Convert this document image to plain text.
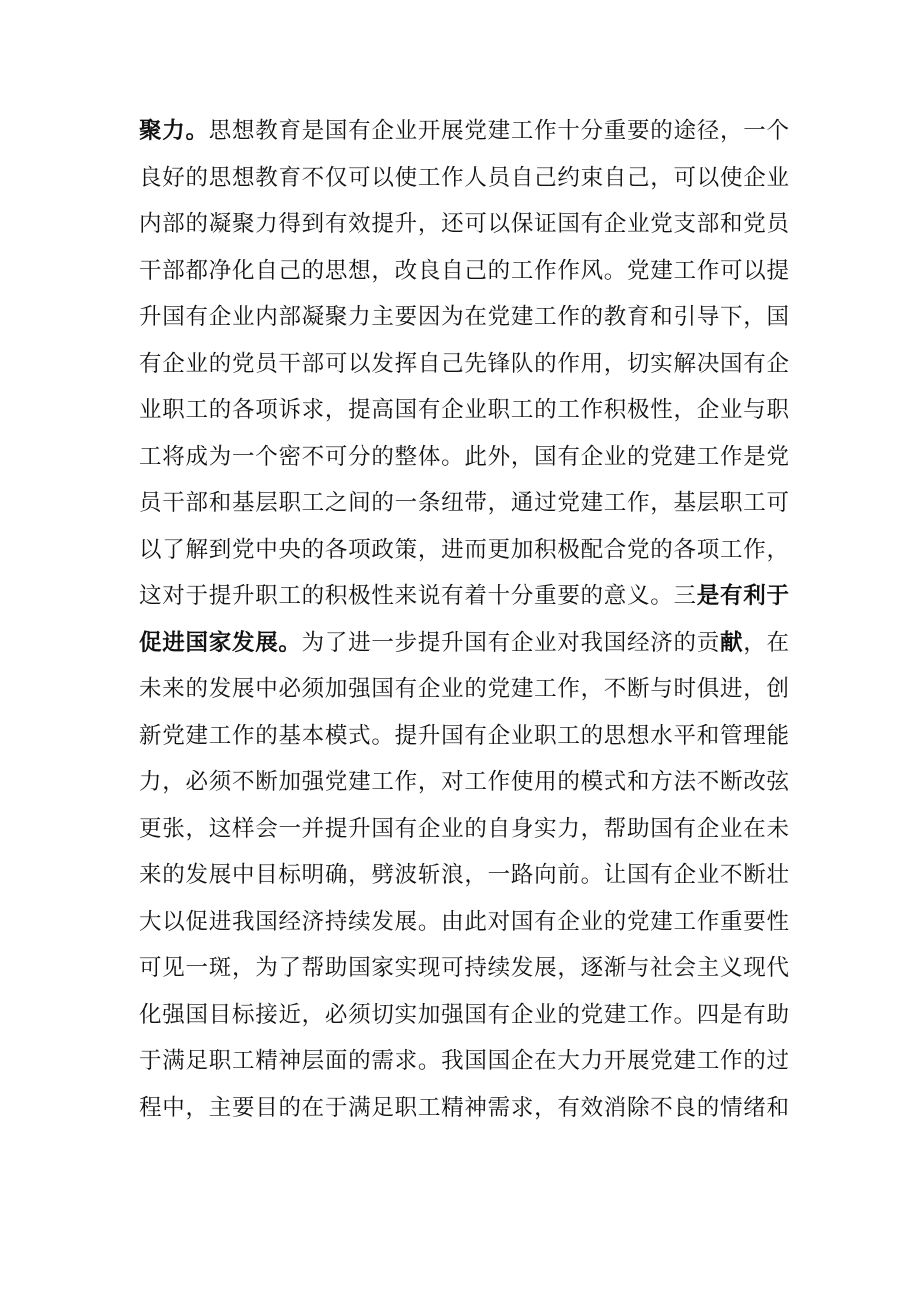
聚力。思想教育是国有企业开展党建工作十分重要的途径，一个
良好的思想教育不仅可以使工作人员自己约束自己，可以使企业
内部的凝聚力得到有效提升，还可以保证国有企业党支部和党员
干部都净化自己的思想，改良自己的工作作风。党建工作可以提
升国有企业内部凝聚力主要因为在党建工作的教育和引导下，国
有企业的党员干部可以发挥自己先锋队的作用，切实解决国有企
业职工的各项诉求，提高国有企业职工的工作积极性，企业与职
工将成为一个密不可分的整体。此外，国有企业的党建工作是党
员干部和基层职工之间的一条纽带，通过党建工作，基层职工可
以了解到党中央的各项政策，进而更加积极配合党的各项工作，
这对于提升职工的积极性来说有着十分重要的意义。三是有利于
促进国家发展。为了进一步提升国有企业对我国经济的贡献，在
未来的发展中必须加强国有企业的党建工作，不断与时俱进，创
新党建工作的基本模式。提升国有企业职工的思想水平和管理能
力，必须不断加强党建工作，对工作使用的模式和方法不断改弦
更张，这样会一并提升国有企业的自身实力，帮助国有企业在未
来的发展中目标明确，劈波斩浪，一路向前。让国有企业不断壮
大以促进我国经济持续发展。由此对国有企业的党建工作重要性
可见一斑，为了帮助国家实现可持续发展，逐渐与社会主义现代
化强国目标接近，必须切实加强国有企业的党建工作。四是有助
于满足职工精神层面的需求。我国国企在大力开展党建工作的过
程中，主要目的在于满足职工精神需求，有效消除不良的情绪和
